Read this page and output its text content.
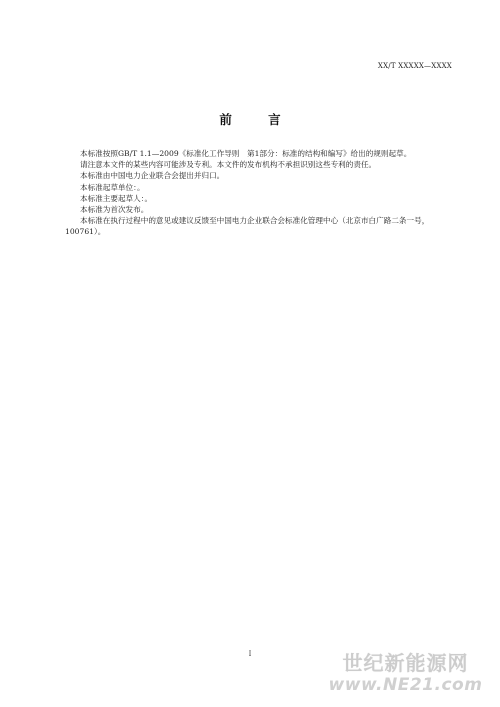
XX/T XXXXX—XXXX
前 言

本标准按照GB/T 1.1—2009《标准化工作导则　第1部分：标准的结构和编写》给出的规则起草。

请注意本文件的某些内容可能涉及专利。本文件的发布机构不承担识别这些专利的责任。

本标准由中国电力企业联合会提出并归口。

本标准起草单位：。

本标准主要起草人：。

本标准为首次发布。

本标准在执行过程中的意见或建议反馈至中国电力企业联合会标准化管理中心（北京市白广路二条一号，100761）。

I	世纪新能源网
www.NE21.com
